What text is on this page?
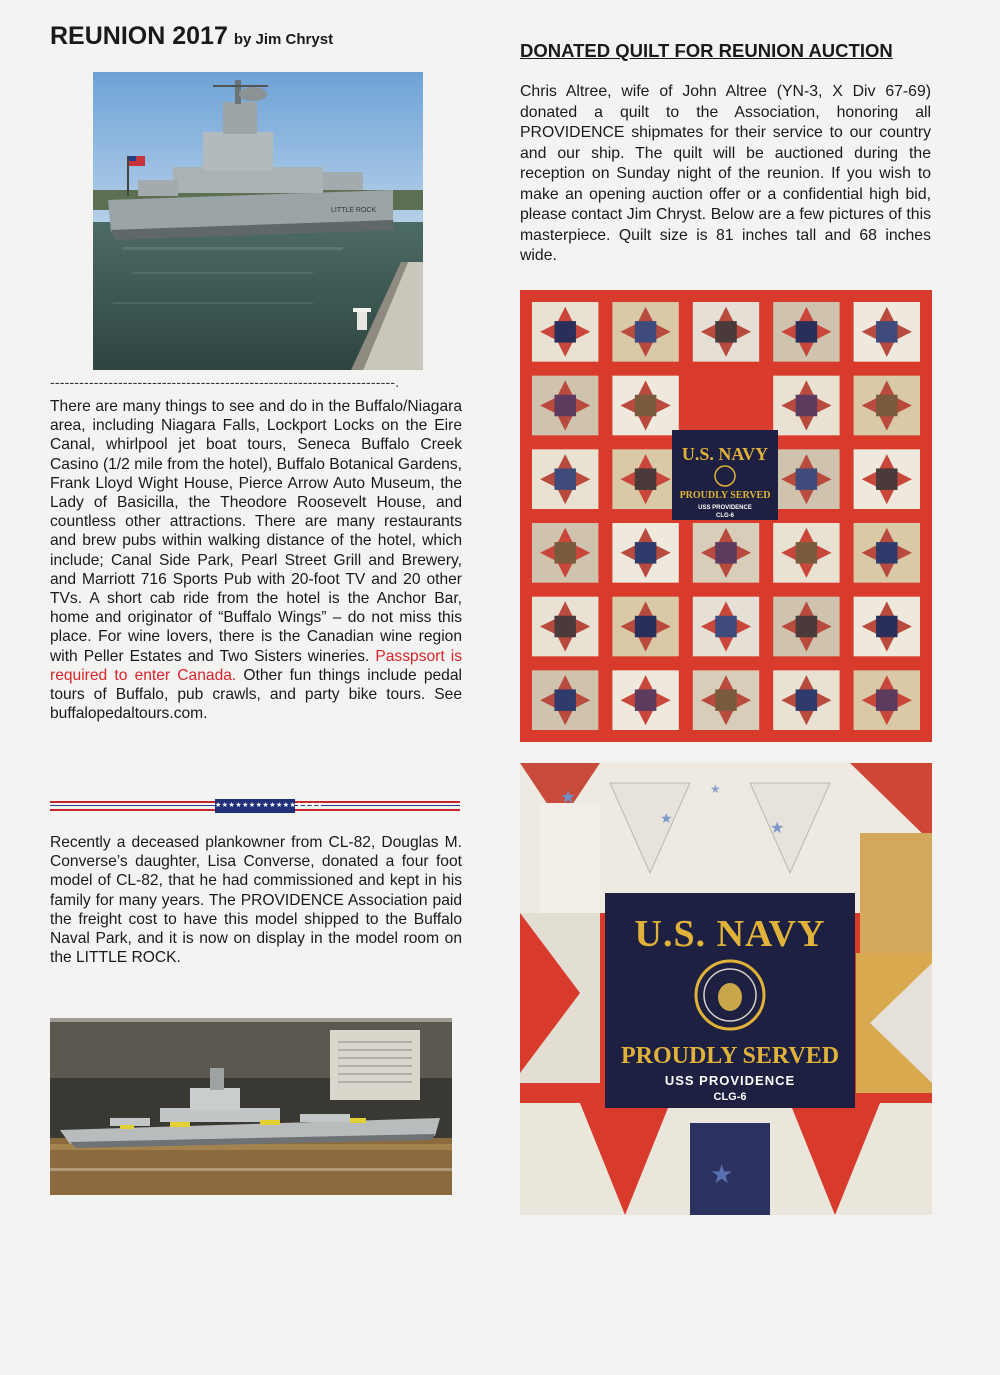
REUNION 2017 by Jim Chryst
LITTLE ROCK
-----------------------------------------------------------------------.

There are many things to see and do in the Buffalo/Niagara area, including Niagara Falls, Lockport Locks on the Eire Canal, whirlpool jet boat tours, Seneca Buffalo Creek Casino (1/2 mile from the hotel), Buffalo Botanical Gardens, Frank Lloyd Wight House, Pierce Arrow Auto Museum, the Lady of Basicilla, the Theodore Roosevelt House, and countless other attractions. There are many restaurants and brew pubs within walking distance of the hotel, which include; Canal Side Park, Pearl Street Grill and Brewery, and Marriott 716 Sports Pub with 20-foot TV and 20 other TVs. A short cab ride from the hotel is the Anchor Bar, home and originator of “Buffalo Wings” – do not miss this place. For wine lovers, there is the Canadian wine region with Peller Estates and Two Sisters wineries. Passpsort is required to enter Canada. Other fun things include pedal tours of Buffalo, pub crawls, and party bike tours. See buffalopedaltours.com.

★★★★★★★★★★★★★★★★

Recently a deceased plankowner from CL-82, Douglas M. Converse’s daughter, Lisa Converse, donated a four foot model of CL-82, that he had commissioned and kept in his family for many years. The PROVIDENCE Association paid the freight cost to have this model shipped to the Buffalo Naval Park, and it is now on display in the model room on the LITTLE ROCK.

DONATED QUILT FOR REUNION AUCTION

Chris Altree, wife of John Altree (YN-3, X Div 67-69) donated a quilt to the Association, honoring all PROVIDENCE shipmates for their service to our country and our ship. The quilt will be auctioned during the reception on Sunday night of the reunion. If you wish to make an opening auction offer or a confidential high bid, please contact Jim Chryst. Below are a few pictures of this masterpiece. Quilt size is 81 inches tall and 68 inches wide.

U.S. NAVY
PROUDLY SERVED
USS PROVIDENCE
CLG-6
★
★	★
★
★
U.S. NAVY
PROUDLY SERVED
USS PROVIDENCE
CLG-6
